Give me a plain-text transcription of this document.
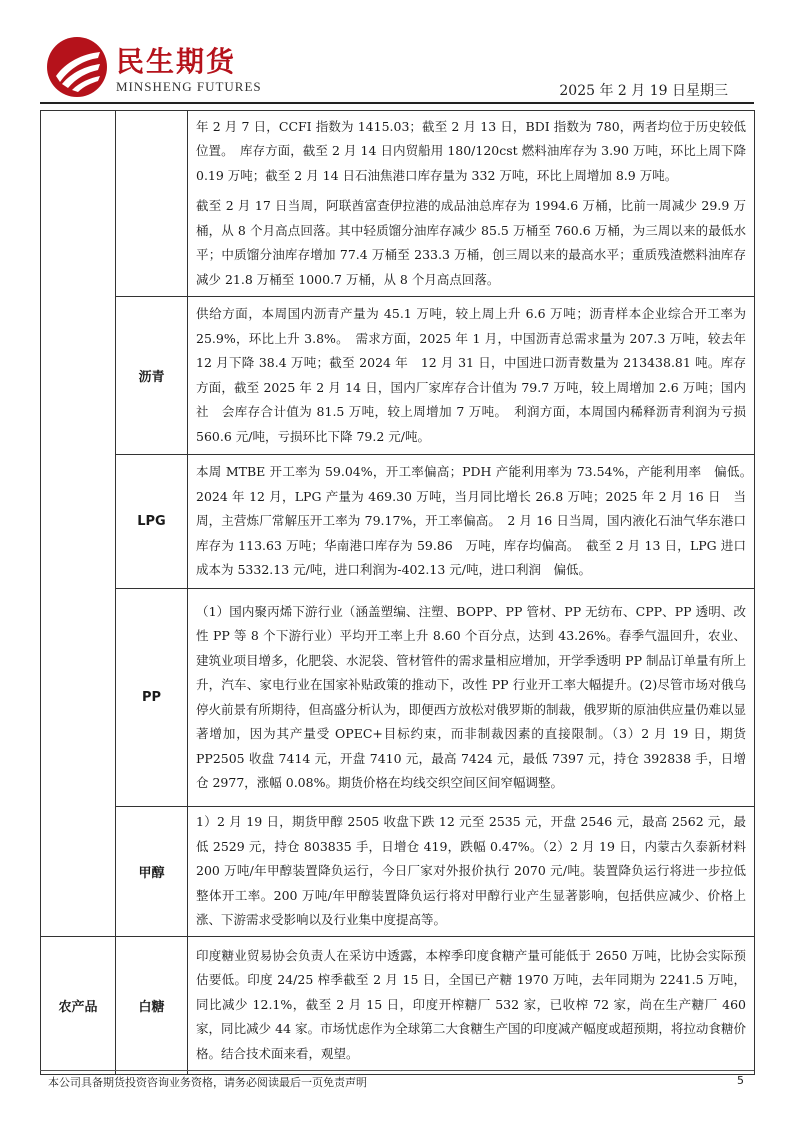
民生期货
MINSHENG FUTURES	2025 年 2 月 19 日星期三

		年 2 月 7 日，CCFI 指数为 1415.03；截至 2 月 13 日，BDI 指数为 780，两者均位于历史较低位置。　库存方面，截至 2 月 14 日内贸船用 180/120cst 燃料油库存为 3.90 万吨，环比上周下降　0.19 万吨；截至 2 月 14 日石油焦港口库存量为 332 万吨，环比上周增加 8.9 万吨。

截至 2 月 17 日当周，阿联酋富查伊拉港的成品油总库存为 1994.6 万桶，比前一周减少 29.9 万桶，从 8 个月高点回落。其中轻质馏分油库存减少 85.5 万桶至 760.6 万桶，为三周以来的最低水平；中质馏分油库存增加 77.4 万桶至 233.3 万桶，创三周以来的最高水平；重质残渣燃料油库存减少 21.8 万桶至 1000.7 万桶，从 8 个月高点回落。

	沥青	供给方面，本周国内沥青产量为 45.1 万吨，较上周上升 6.6 万吨；沥青样本企业综合开工率为 25.9%，环比上升 3.8%。　需求方面，2025 年 1 月，中国沥青总需求量为 207.3 万吨，较去年 12 月下降 38.4 万吨；截至 2024 年　12 月 31 日，中国进口沥青数量为 213438.81 吨。库存方面，截至 2025 年 2 月 14 日，国内厂家库存合计值为 79.7 万吨，较上周增加 2.6 万吨；国内社　会库存合计值为 81.5 万吨，较上周增加 7 万吨。　利润方面，本周国内稀释沥青利润为亏损 560.6 元/吨，亏损环比下降 79.2 元/吨。

	LPG	本周 MTBE 开工率为 59.04%，开工率偏高；PDH 产能利用率为 73.54%，产能利用率　偏低。　2024 年 12 月，LPG 产量为 469.30 万吨，当月同比增长 26.8 万吨；2025 年 2 月 16 日　当周，主营炼厂常解压开工率为 79.17%，开工率偏高。　2 月 16 日当周，国内液化石油气华东港口库存为 113.63 万吨；华南港口库存为 59.86　万吨，库存均偏高。　截至 2 月 13 日，LPG 进口成本为 5332.13 元/吨，进口利润为-402.13 元/吨，进口利润　偏低。

	PP	（1）国内聚丙烯下游行业（涵盖塑编、注塑、BOPP、PP 管材、PP 无纺布、CPP、PP 透明、改性 PP 等 8 个下游行业）平均开工率上升 8.60 个百分点，达到 43.26%。春季气温回升，农业、建筑业项目增多，化肥袋、水泥袋、管材管件的需求量相应增加，开学季透明 PP 制品订单量有所上升，汽车、家电行业在国家补贴政策的推动下，改性 PP 行业开工率大幅提升。(2)尽管市场对俄乌停火前景有所期待，但高盛分析认为，即便西方放松对俄罗斯的制裁，俄罗斯的原油供应量仍难以显著增加，因为其产量受 OPEC+目标约束，而非制裁因素的直接限制。（3）2 月 19 日，期货 PP2505 收盘 7414 元，开盘 7410 元，最高 7424 元，最低 7397 元，持仓 392838 手，日增仓 2977，涨幅 0.08%。期货价格在均线交织空间区间窄幅调整。

	甲醇	1）2 月 19 日，期货甲醇 2505 收盘下跌 12 元至 2535 元，开盘 2546 元，最高 2562 元，最低 2529 元，持仓 803835 手，日增仓 419，跌幅 0.47%。（2）2 月 19 日，内蒙古久泰新材料 200 万吨/年甲醇装置降负运行，今日厂家对外报价执行 2070 元/吨。装置降负运行将进一步拉低整体开工率。200 万吨/年甲醇装置降负运行将对甲醇行业产生显著影响，包括供应减少、价格上涨、下游需求受影响以及行业集中度提高等。

农产品	白糖	印度糖业贸易协会负责人在采访中透露，本榨季印度食糖产量可能低于 2650 万吨，比协会实际预估要低。印度 24/25 榨季截至 2 月 15 日，全国已产糖 1970 万吨，去年同期为 2241.5 万吨，同比减少 12.1%，截至 2 月 15 日，印度开榨糖厂 532 家，已收榨 72 家，尚在生产糖厂 460 家，同比减少 44 家。市场忧虑作为全球第二大食糖生产国的印度减产幅度或超预期，将拉动食糖价格。结合技术面来看，观望。

本公司具备期货投资咨询业务资格，请务必阅读最后一页免责声明	5
